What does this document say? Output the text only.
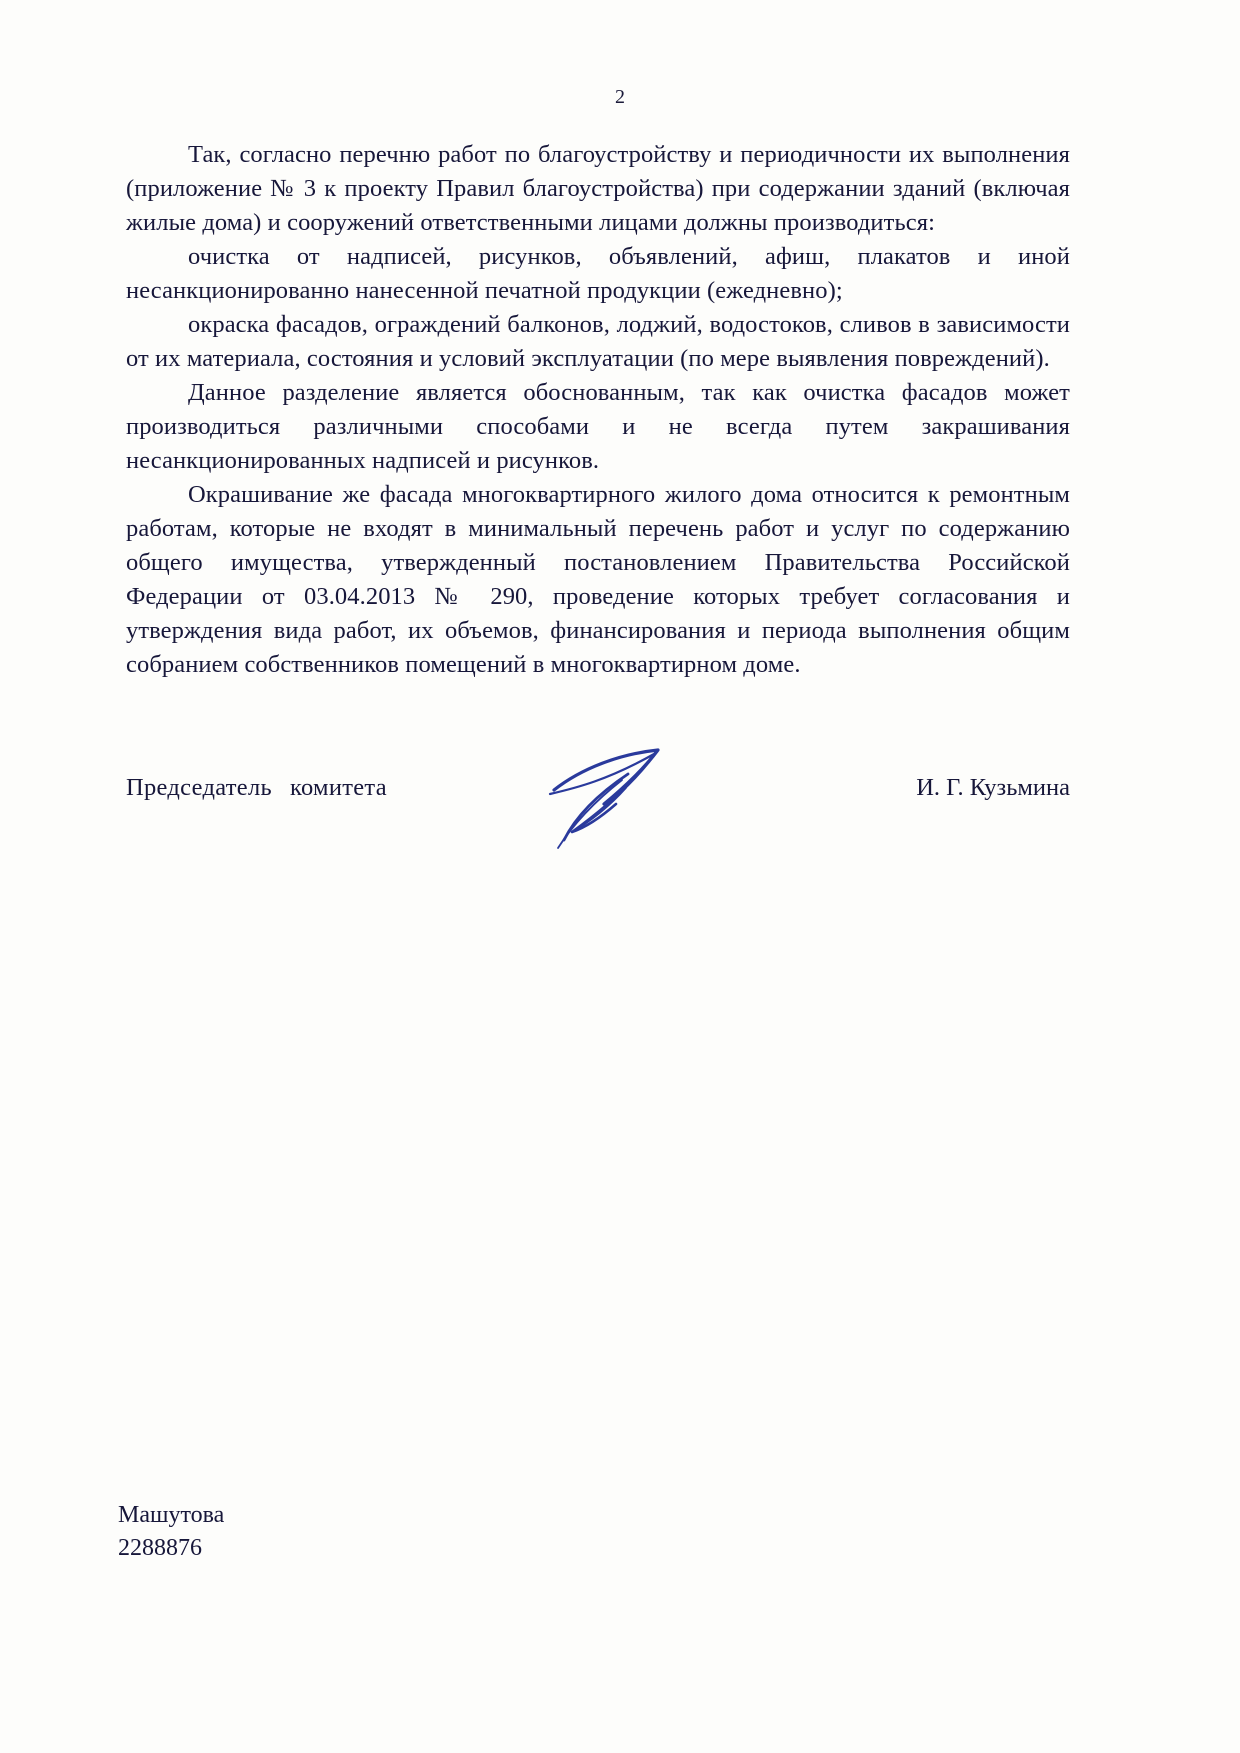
2

Так, согласно перечню работ по благоустройству и периодичности их выполнения (приложение № 3 к проекту Правил благоустройства) при содержании зданий (включая жилые дома) и сооружений ответственными лицами должны производиться:

очистка от надписей, рисунков, объявлений, афиш, плакатов и иной несанкционированно нанесенной печатной продукции (ежедневно);

окраска фасадов, ограждений балконов, лоджий, водостоков, сливов в зависимости от их материала, состояния и условий эксплуатации (по мере выявления повреждений).

Данное разделение является обоснованным, так как очистка фасадов может производиться различными способами и не всегда путем закрашивания несанкционированных надписей и рисунков.

Окрашивание же фасада многоквартирного жилого дома относится к ремонтным работам, которые не входят в минимальный перечень работ и услуг по содержанию общего имущества, утвержденный постановлением Правительства Российской Федерации от 03.04.2013 № 290, проведение которых требует согласования и утверждения вида работ, их объемов, финансирования и периода выполнения общим собранием собственников помещений в многоквартирном доме.

Председатель комитета	И. Г. Кузьмина
Машутова
2288876
